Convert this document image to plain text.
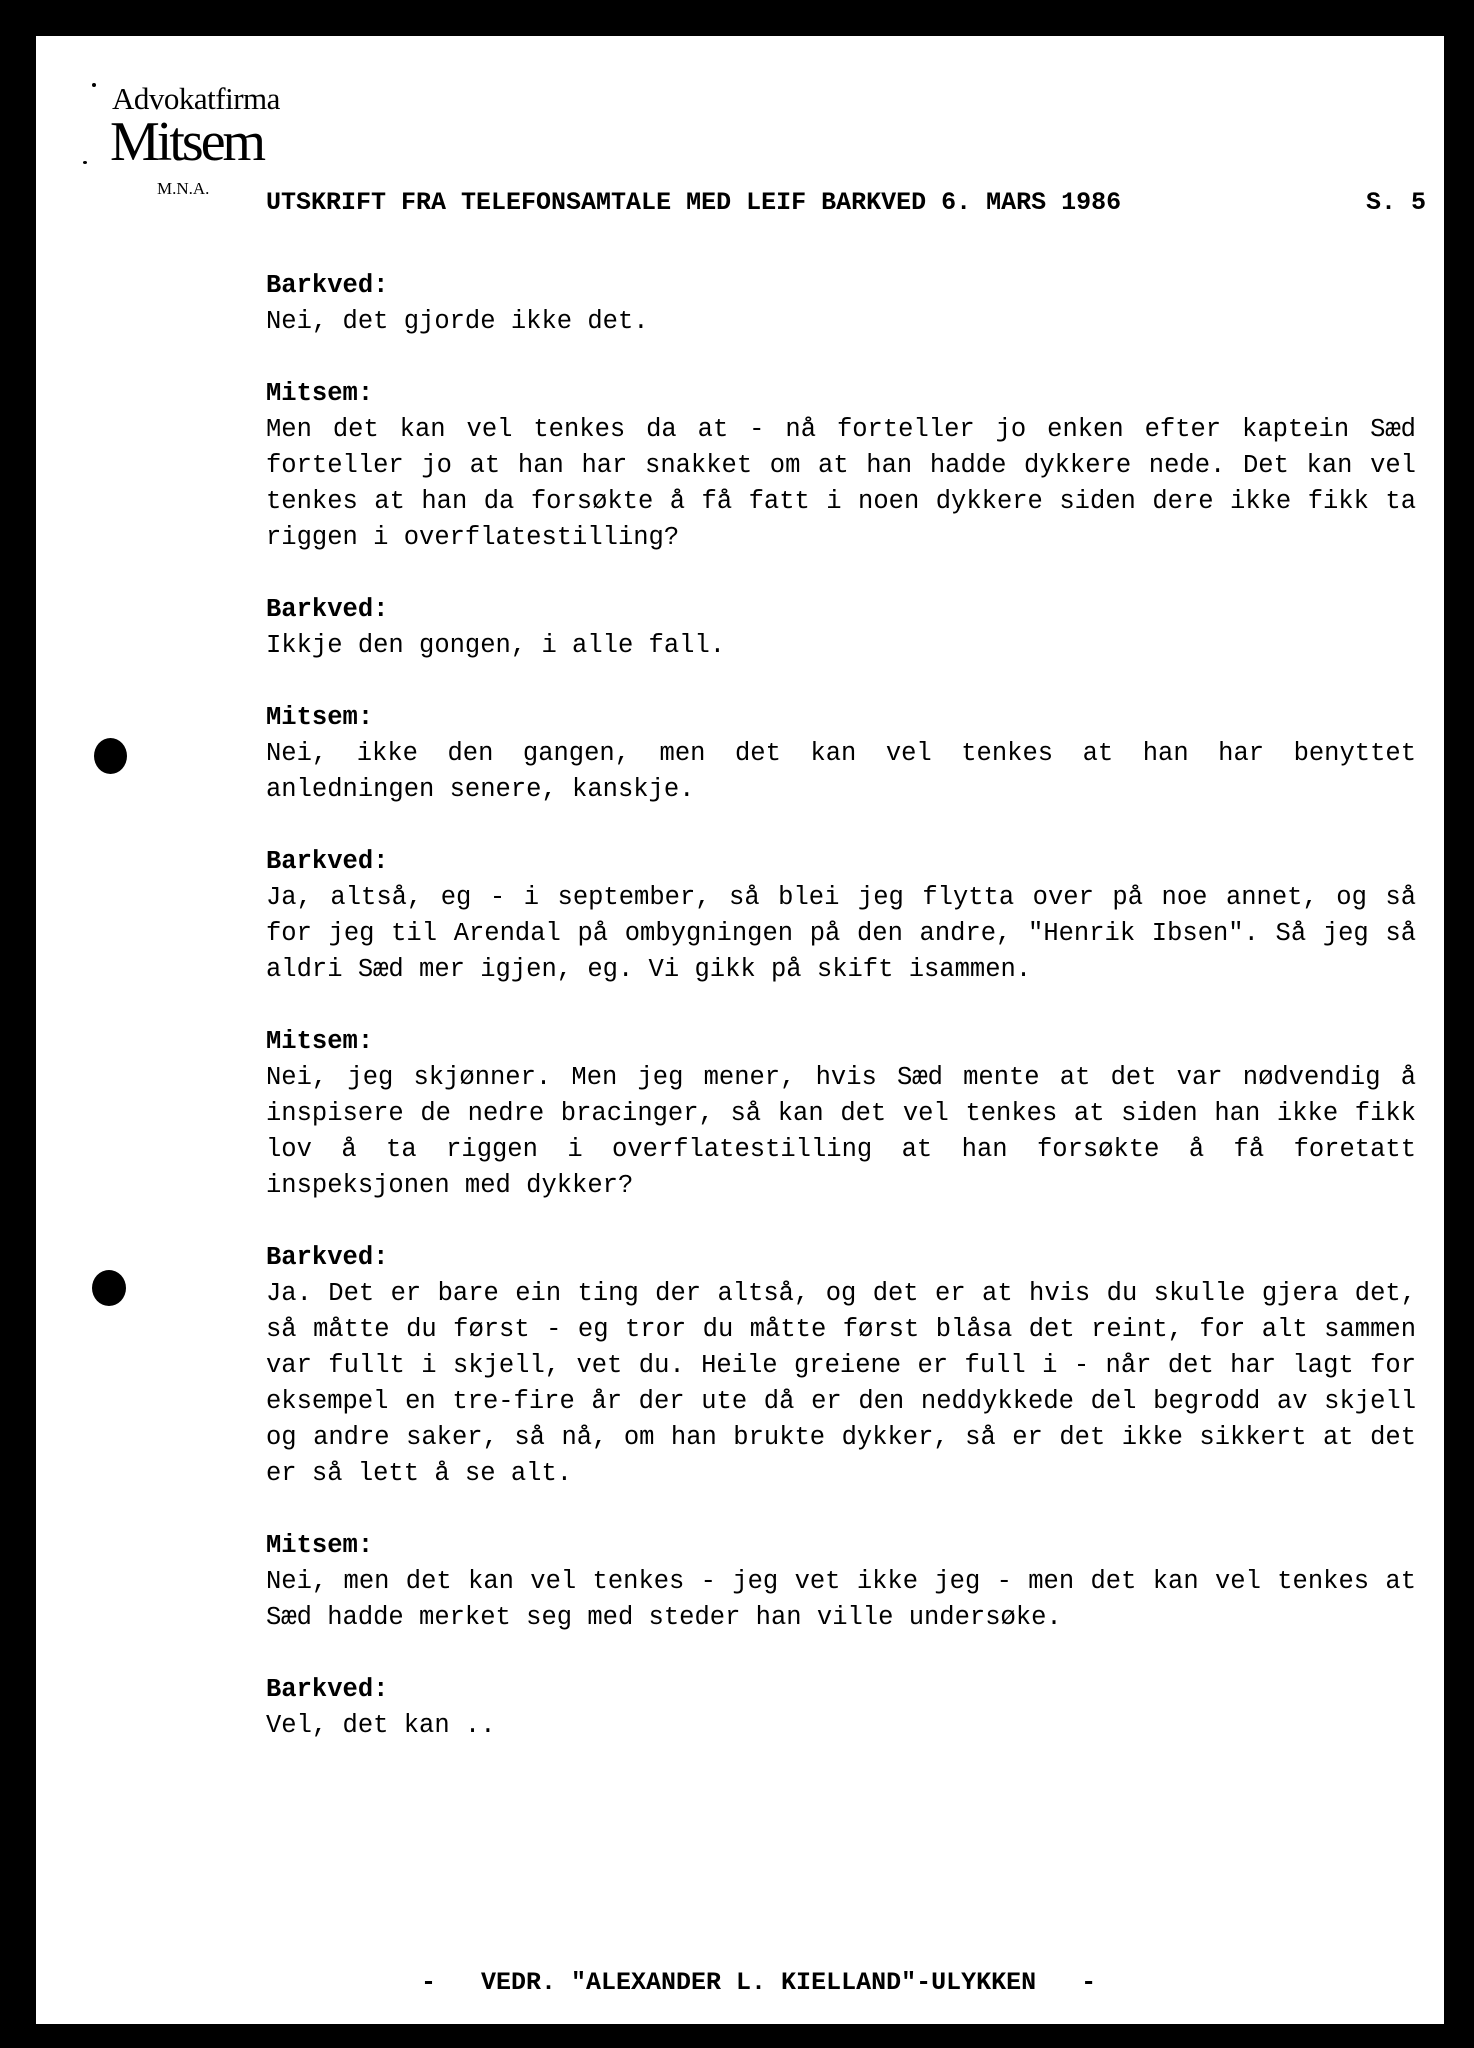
Advokatfirma
Mitsem
M.N.A.	UTSKRIFT FRA TELEFONSAMTALE MED LEIF BARKVED 6. MARS 1986	S. 5
Barkved:
Nei, det gjorde ikke det.
Mitsem:
Men det kan vel tenkes da at - nå forteller jo enken efter kaptein Sæd forteller jo at han har snakket om at han hadde dykkere nede. Det kan vel tenkes at han da forsøkte å få fatt i noen dykkere siden dere ikke fikk ta riggen i overflatestilling?
Barkved:
Ikkje den gongen, i alle fall.
Mitsem:
Nei, ikke den gangen, men det kan vel tenkes at han har benyttet anledningen senere, kanskje.
Barkved:
Ja, altså, eg - i september, så blei jeg flytta over på noe annet, og så for jeg til Arendal på ombygningen på den andre, "Henrik Ibsen". Så jeg så aldri Sæd mer igjen, eg. Vi gikk på skift isammen.
Mitsem:
Nei, jeg skjønner. Men jeg mener, hvis Sæd mente at det var nødvendig å inspisere de nedre bracinger, så kan det vel tenkes at siden han ikke fikk lov å ta riggen i overflatestilling at han forsøkte å få foretatt inspeksjonen med dykker?
Barkved:
Ja. Det er bare ein ting der altså, og det er at hvis du skulle gjera det, så måtte du først - eg tror du måtte først blåsa det reint, for alt sammen var fullt i skjell, vet du. Heile greiene er full i - når det har lagt for eksempel en tre-fire år der ute då er den neddykkede del begrodd av skjell og andre saker, så nå, om han brukte dykker, så er det ikke sikkert at det er så lett å se alt.
Mitsem:
Nei, men det kan vel tenkes - jeg vet ikke jeg - men det kan vel tenkes at Sæd hadde merket seg med steder han ville undersøke.
Barkved:
Vel, det kan ..
-   VEDR. "ALEXANDER L. KIELLAND"-ULYKKEN   -
